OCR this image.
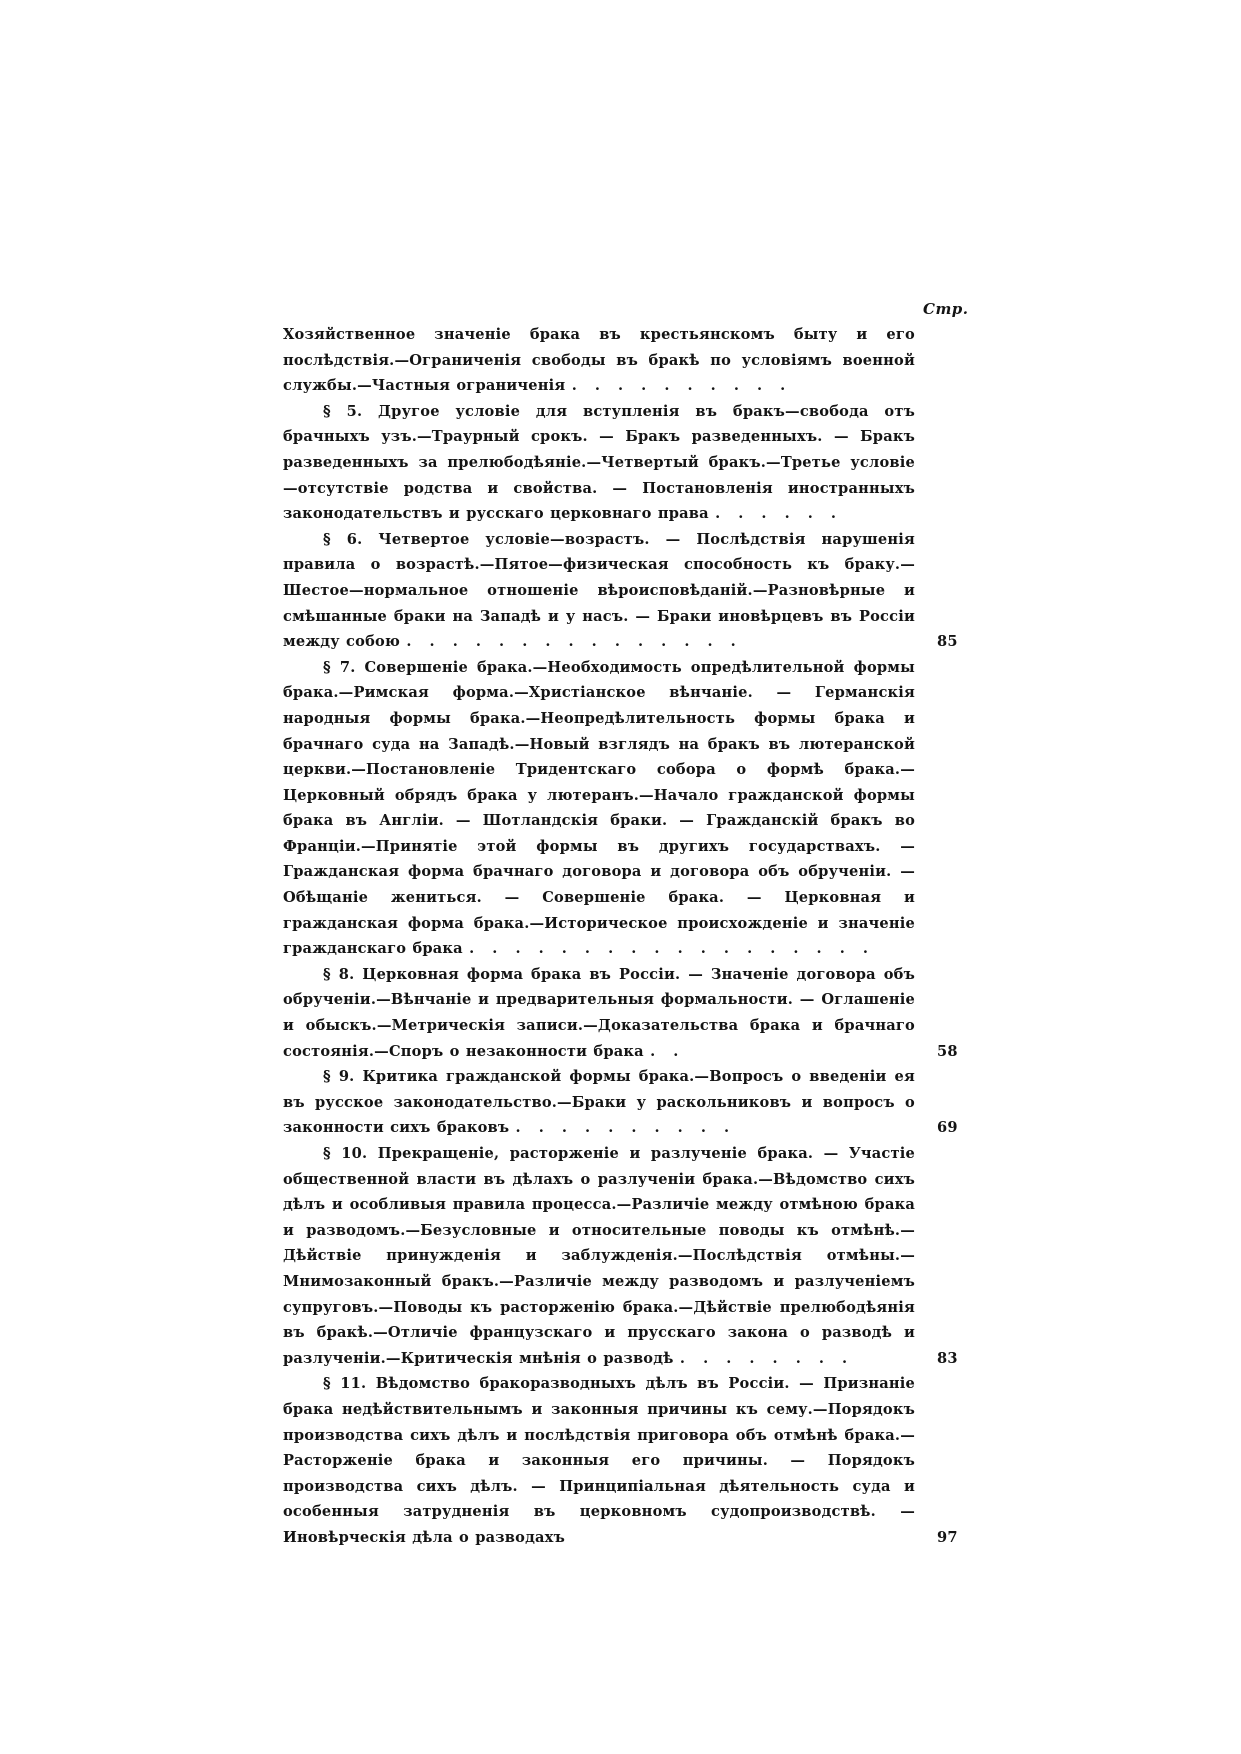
Стр.

Хозяйственное значеніе брака въ крестьянскомъ быту и его послѣдствія.—Ограниченія свободы въ бракѣ по условіямъ военной службы.—Частныя ограниченія . . . . . . . . . .

§ 5. Другое условіе для вступленія въ бракъ—свобода отъ брачныхъ узъ.—Траурный срокъ. — Бракъ разведенныхъ. — Бракъ разведенныхъ за прелюбодѣяніе.—Четвертый бракъ.—Третье условіе—отсутствіе родства и свойства. — Постановленія иностранныхъ законодательствъ и русскаго церковнаго права . . . . . .

§ 6. Четвертое условіе—возрастъ. — Послѣдствія нарушенія правила о возрастѣ.—Пятое—физическая способность къ браку.—Шестое—нормальное отношеніе вѣроисповѣданій.—Разновѣрные и смѣшанные браки на Западѣ и у насъ. — Браки иновѣрцевъ въ Россіи между собою . . . . . . . . . . . . . . .	85

§ 7. Совершеніе брака.—Необходимость опредѣлительной формы брака.—Римская форма.—Христіанское вѣнчаніе. — Германскія народныя формы брака.—Неопредѣлительность формы брака и брачнаго суда на Западѣ.—Новый взглядъ на бракъ въ лютеранской церкви.—Постановленіе Тридентскаго собора о формѣ брака.—Церковный обрядъ брака у лютеранъ.—Начало гражданской формы брака въ Англіи. — Шотландскія браки. — Гражданскій бракъ во Франціи.—Принятіе этой формы въ другихъ государствахъ. — Гражданская форма брачнаго договора и договора объ обрученіи. — Обѣщаніе жениться. — Совершеніе брака. — Церковная и гражданская форма брака.—Историческое происхожденіе и значеніе гражданскаго брака . . . . . . . . . . . . . . . . . .

§ 8. Церковная форма брака въ Россіи. — Значеніе договора объ обрученіи.—Вѣнчаніе и предварительныя формальности. — Оглашеніе и обыскъ.—Метрическія записи.—Доказательства брака и брачнаго состоянія.—Споръ о незаконности брака . .	58

§ 9. Критика гражданской формы брака.—Вопросъ о введеніи ея въ русское законодательство.—Браки у раскольниковъ и вопросъ о законности сихъ браковъ . . . . . . . . . .	69

§ 10. Прекращеніе, расторженіе и разлученіе брака. — Участіе общественной власти въ дѣлахъ о разлученіи брака.—Вѣдомство сихъ дѣлъ и особливыя правила процесса.—Различіе между отмѣною брака и разводомъ.—Безусловные и относительные поводы къ отмѣнѣ.—Дѣйствіе принужденія и заблужденія.—Послѣдствія отмѣны.—Мнимозаконный бракъ.—Различіе между разводомъ и разлученіемъ супруговъ.—Поводы къ расторженію брака.—Дѣйствіе прелюбодѣянія въ бракѣ.—Отличіе французскаго и прусскаго закона о разводѣ и разлученіи.—Критическія мнѣнія о разводѣ . . . . . . . .	83

§ 11. Вѣдомство бракоразводныхъ дѣлъ въ Россіи. — Признаніе брака недѣйствительнымъ и законныя причины къ сему.—Порядокъ производства сихъ дѣлъ и послѣдствія приговора объ отмѣнѣ брака.—Расторженіе брака и законныя его причины. — Порядокъ производства сихъ дѣлъ. — Принципіальная дѣятельность суда и особенныя затрудненія въ церковномъ судопроизводствѣ. — Иновѣрческія дѣла о разводахъ	97
